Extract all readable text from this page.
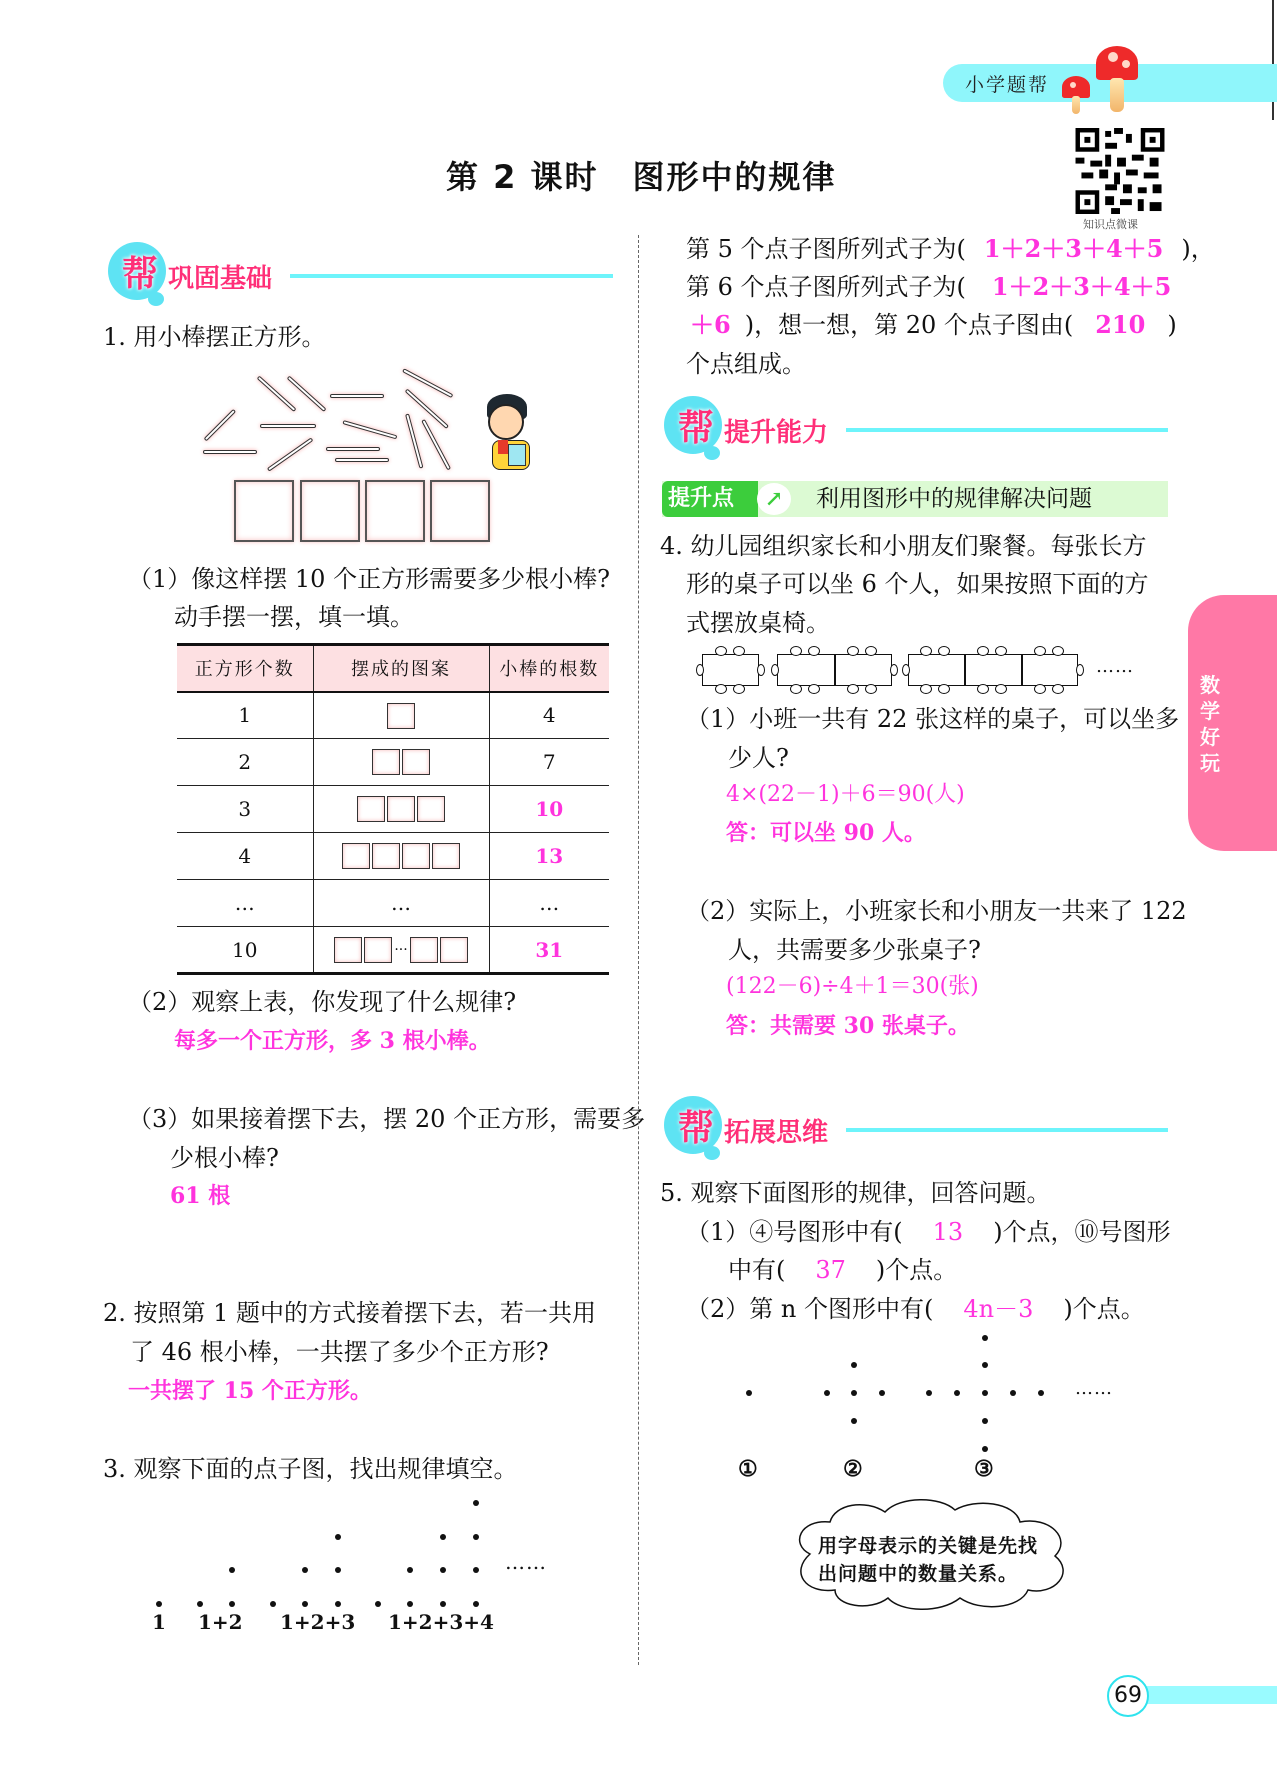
小学题帮
知识点微课
第 2 课时　图形中的规律
帮 巩固基础
1. 用小棒摆正方形。
（1）像这样摆 10 个正方形需要多少根小棒?
动手摆一摆，填一填。
正方形个数	摆成的图案	小棒的根数
1		4
2		7
3		10
4		13
…	…	…
10	···	31
（2）观察上表，你发现了什么规律?
每多一个正方形，多 3 根小棒。
（3）如果接着摆下去，摆 20 个正方形，需要多
少根小棒?
61 根
2. 按照第 1 题中的方式接着摆下去，若一共用
了 46 根小棒，一共摆了多少个正方形?
一共摆了 15 个正方形。
3. 观察下面的点子图，找出规律填空。
1 1+2 1+2+3 1+2+3+4
……
第 5 个点子图所列式子为( 1＋2＋3＋4＋5 )，
第 6 个点子图所列式子为( 1＋2＋3＋4＋5
＋6 )，想一想，第 20 个点子图由( 210 )
个点组成。
帮 提升能力
提升点	↗	利用图形中的规律解决问题
4. 幼儿园组织家长和小朋友们聚餐。每张长方
形的桌子可以坐 6 个人，如果按照下面的方
式摆放桌椅。
……
（1）小班一共有 22 张这样的桌子，可以坐多
少人?
4×(22－1)＋6＝90(人)
答：可以坐 90 人。
（2）实际上，小班家长和小朋友一共来了 122
人，共需要多少张桌子?
(122－6)÷4＋1＝30(张)
答：共需要 30 张桌子。
帮 拓展思维
5. 观察下面图形的规律，回答问题。
（1）④号图形中有( 13 )个点，⑩号图形
中有( 37 )个点。
（2）第 n 个图形中有( 4n－3 )个点。
……
①	②	③
用字母表示的关键是先找
出问题中的数量关系。
数学好玩
69
